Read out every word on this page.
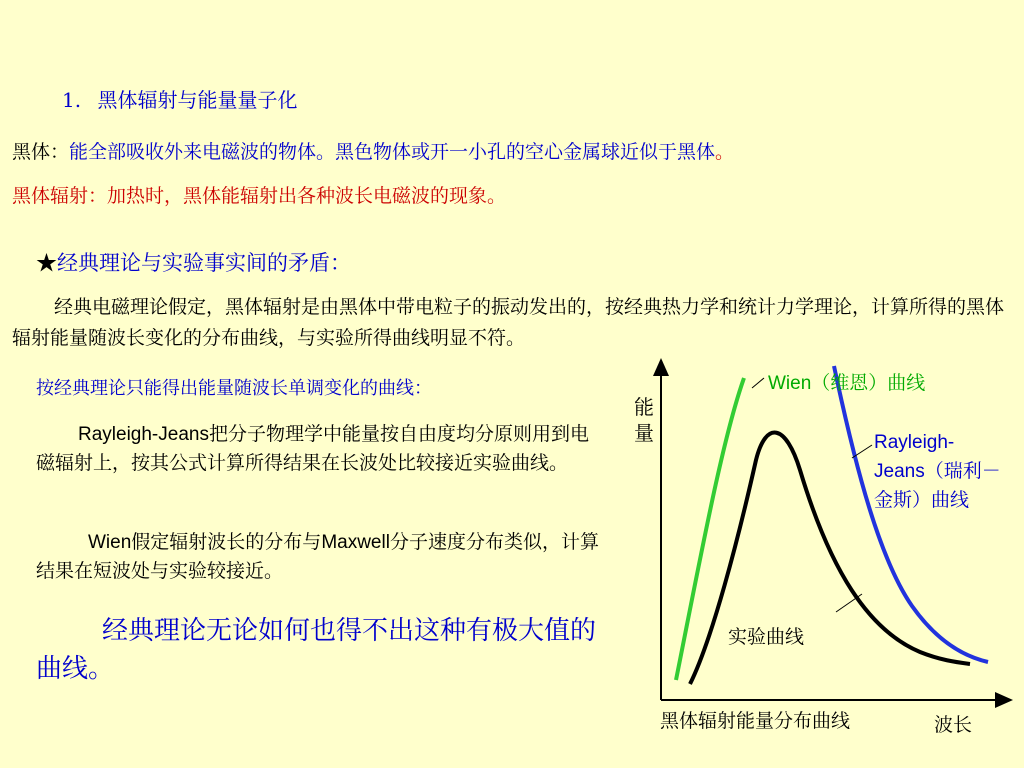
1. 黑体辐射与能量量子化
黑体：能全部吸收外来电磁波的物体。黑色物体或开一小孔的空心金属球近似于黑体。
黑体辐射：加热时，黑体能辐射出各种波长电磁波的现象。
★经典理论与实验事实间的矛盾：
经典电磁理论假定，黑体辐射是由黑体中带电粒子的振动发出的，按经典热力学和统计力学理论，计算所得的黑体辐射能量随波长变化的分布曲线，与实验所得曲线明显不符。
按经典理论只能得出能量随波长单调变化的曲线：
Rayleigh-Jeans把分子物理学中能量按自由度均分原则用到电磁辐射上，按其公式计算所得结果在长波处比较接近实验曲线。
Wien假定辐射波长的分布与Maxwell分子速度分布类似，计算结果在短波处与实验较接近。
经典理论无论如何也得不出这种有极大值的曲线。
能量
Wien（维恩）曲线
Rayleigh-Jeans（瑞利－金斯）曲线
实验曲线
黑体辐射能量分布曲线	波长
